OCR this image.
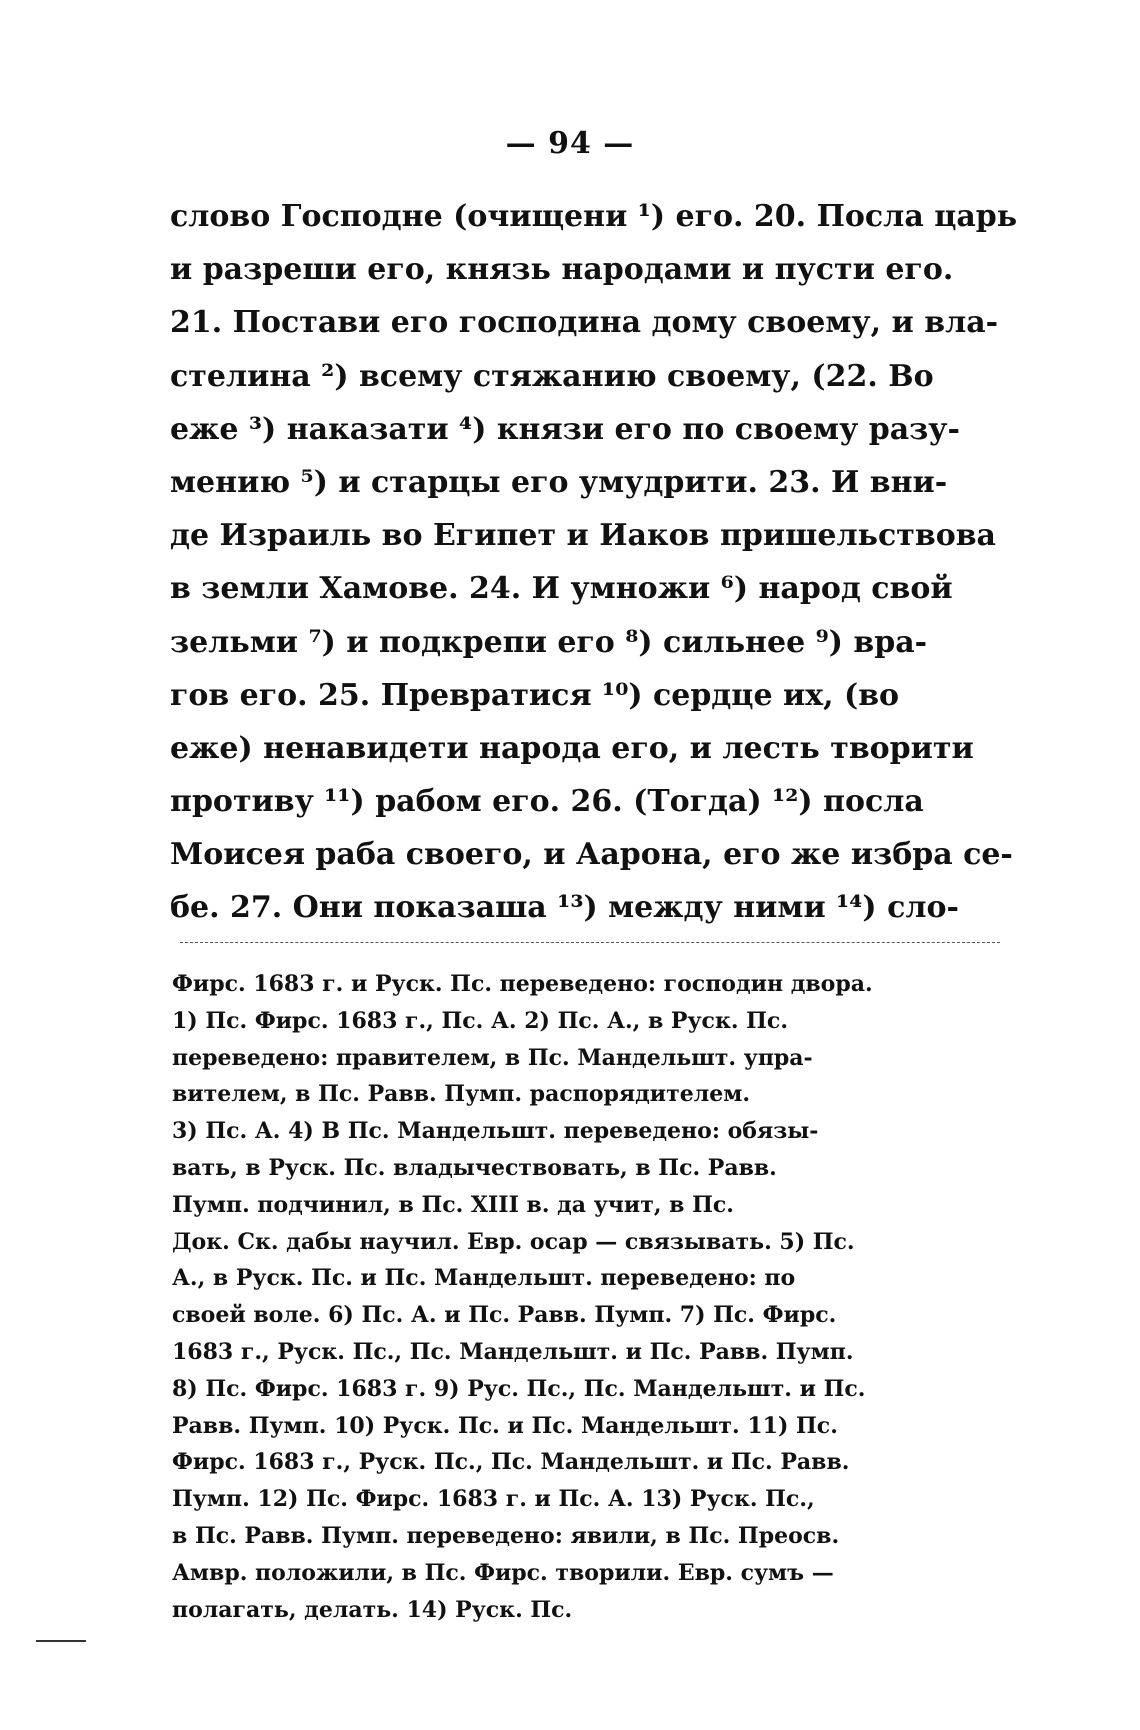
— 94 —
слово Господне (очищени ¹) его. 20. Посла царь
и разреши его, князь народами и пусти его.
21. Постави его господина дому своему, и вла-
стелина ²) всему стяжанию своему, (22. Во
еже ³) наказати ⁴) князи его по своему разу-
мению ⁵) и старцы его умудрити. 23. И вни-
де Израиль во Египет и Иаков пришельствова
в земли Хамове. 24. И умножи ⁶) народ свой
зельми ⁷) и подкрепи его ⁸) сильнее ⁹) вра-
гов его. 25. Превратися ¹⁰) сердце их, (во
еже) ненавидети народа его, и лесть творити
противу ¹¹) рабом его. 26. (Тогда) ¹²) посла
Моисея раба своего, и Аарона, его же избра се-
бе. 27. Они показаша ¹³) между ними ¹⁴) сло-
Фирс. 1683 г. и Руск. Пс. переведено: господин двора.
1) Пс. Фирс. 1683 г., Пс. А. 2) Пс. А., в Руск. Пс.
переведено: правителем, в Пс. Мандельшт. упра-
вителем, в Пс. Равв. Пумп. распорядителем.
3) Пс. А. 4) В Пс. Мандельшт. переведено: обязы-
вать, в Руск. Пс. владычествовать, в Пс. Равв.
Пумп. подчинил, в Пс. XIII в. да учит, в Пс.
Док. Ск. дабы научил. Евр. осар — связывать. 5) Пс.
А., в Руск. Пс. и Пс. Мандельшт. переведено: по
своей воле. 6) Пс. А. и Пс. Равв. Пумп. 7) Пс. Фирс.
1683 г., Руск. Пс., Пс. Мандельшт. и Пс. Равв. Пумп.
8) Пс. Фирс. 1683 г. 9) Рус. Пс., Пс. Мандельшт. и Пс.
Равв. Пумп. 10) Руск. Пс. и Пс. Мандельшт. 11) Пс.
Фирс. 1683 г., Руск. Пс., Пс. Мандельшт. и Пс. Равв.
Пумп. 12) Пс. Фирс. 1683 г. и Пс. А. 13) Руск. Пс.,
в Пс. Равв. Пумп. переведено: явили, в Пс. Преосв.
Амвр. положили, в Пс. Фирс. творили. Евр. сумъ —
полагать, делать. 14) Руск. Пс.
